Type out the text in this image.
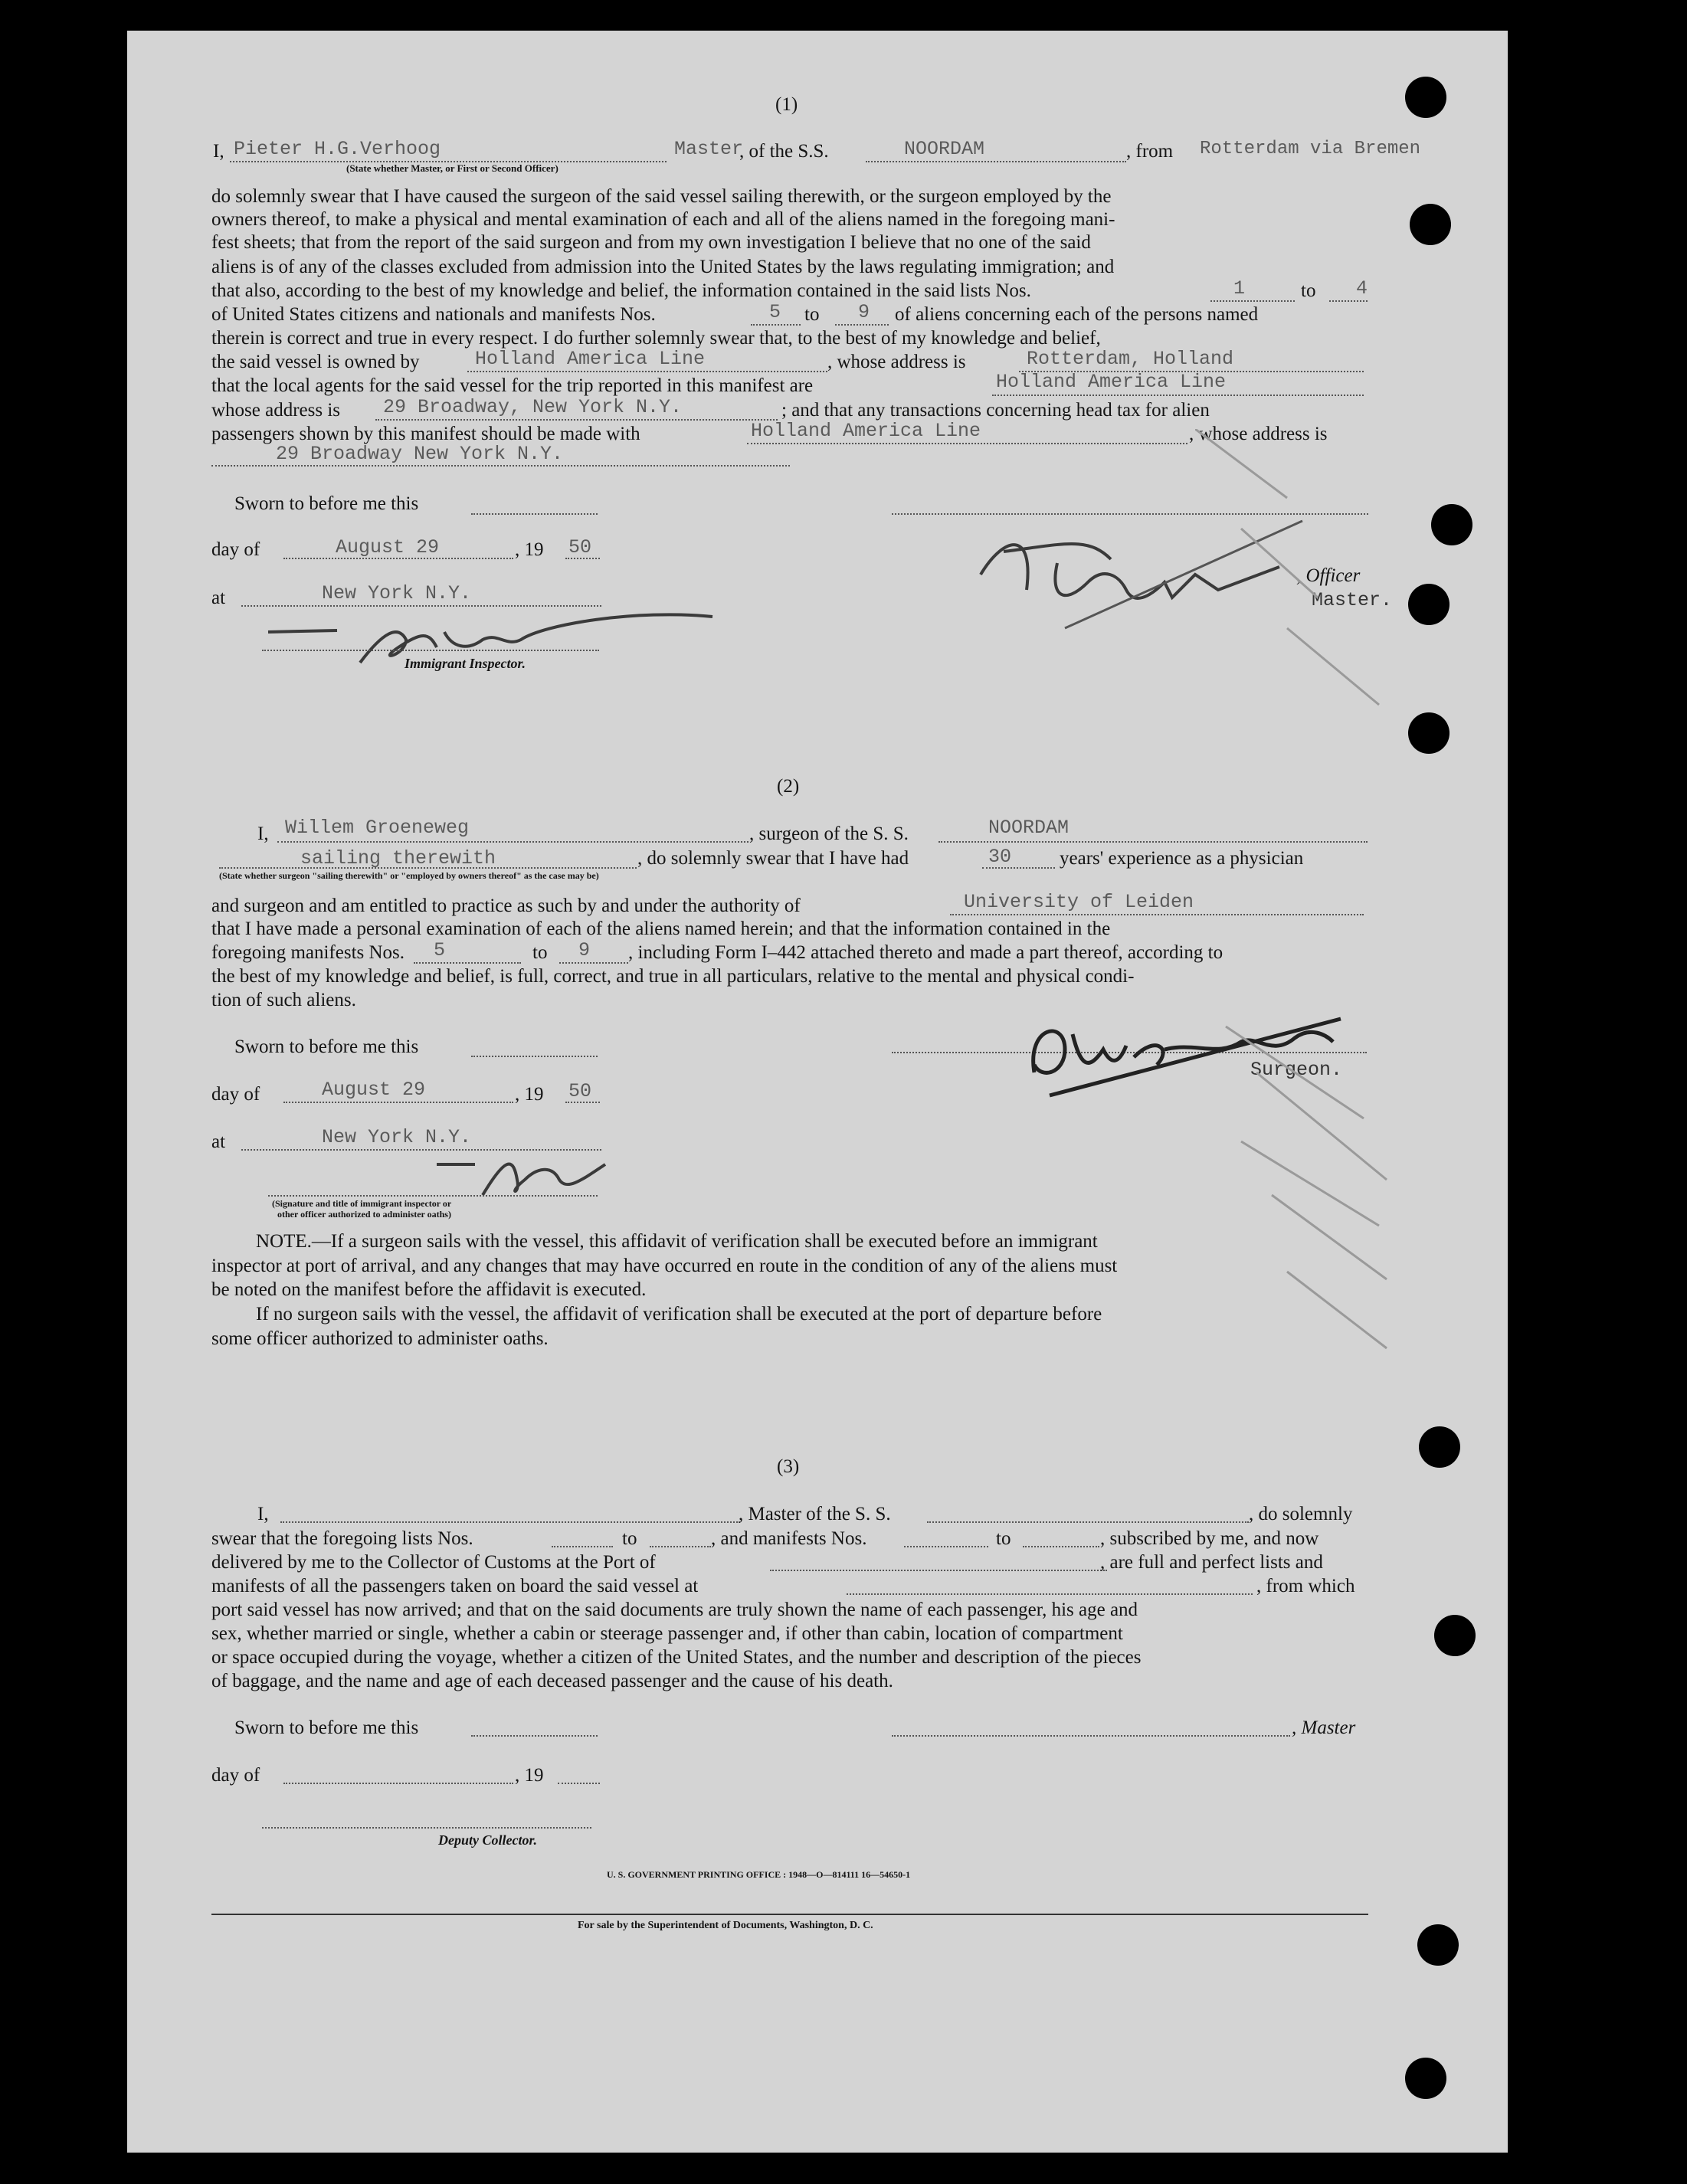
(1)
I, Pieter H.G.Verhoog	Master
, of the S.S.	NOORDAM	, from Rotterdam via Bremen
(State whether Master, or First or Second Officer)
do solemnly swear that I have caused the surgeon of the said vessel sailing therewith, or the surgeon employed by the
owners thereof, to make a physical and mental examination of each and all of the aliens named in the foregoing mani-
fest sheets; that from the report of the said surgeon and from my own investigation I believe that no one of the said
aliens is of any of the classes excluded from admission into the United States by the laws regulating immigration; and
that also, according to the best of my knowledge and belief, the information contained in the said lists Nos.	1	to 4
of United States citizens and nationals and manifests Nos.	5 to 9 of aliens concerning each of the persons named
therein is correct and true in every respect. I do further solemnly swear that, to the best of my knowledge and belief,
the said vessel is owned by	Holland America Line	, whose address is	Rotterdam, Holland
that the local agents for the said vessel for the trip reported in this manifest are	Holland America Line
whose address is 29 Broadway, New York N.Y.	; and that any transactions concerning head tax for alien
passengers shown by this manifest should be made with	Holland America Line	, whose address is
29 Broadway New York N.Y.
Sworn to before me this
day of	August 29	, 19 50
at	New York N.Y.
, Officer
Master.
Immigrant Inspector.
(2)
I, Willem Groeneweg	, surgeon of the S. S.	NOORDAM
sailing therewith	, do solemnly swear that I have had	30	years' experience as a physician
(State whether surgeon "sailing therewith" or "employed by owners thereof" as the case may be)
and surgeon and am entitled to practice as such by and under the authority of	University of Leiden
that I have made a personal examination of each of the aliens named herein; and that the information contained in the
foregoing manifests Nos. 5	to 9 , including Form I–442 attached thereto and made a part thereof, according to
the best of my knowledge and belief, is full, correct, and true in all particulars, relative to the mental and physical condi-
tion of such aliens.
Sworn to before me this
Surgeon.
day of	August 29	, 19 50
at	New York N.Y.
(Signature and title of immigrant inspector or
other officer authorized to administer oaths)
NOTE.—If a surgeon sails with the vessel, this affidavit of verification shall be executed before an immigrant
inspector at port of arrival, and any changes that may have occurred en route in the condition of any of the aliens must
be noted on the manifest before the affidavit is executed.
If no surgeon sails with the vessel, the affidavit of verification shall be executed at the port of departure before
some officer authorized to administer oaths.
(3)
I,	, Master of the S. S.	, do solemnly
swear that the foregoing lists Nos.	to	, and manifests Nos.	to	, subscribed by me, and now
delivered by me to the Collector of Customs at the Port of	, are full and perfect lists and
manifests of all the passengers taken on board the said vessel at	, from which
port said vessel has now arrived; and that on the said documents are truly shown the name of each passenger, his age and
sex, whether married or single, whether a cabin or steerage passenger and, if other than cabin, location of compartment
or space occupied during the voyage, whether a citizen of the United States, and the number and description of the pieces
of baggage, and the name and age of each deceased passenger and the cause of his death.
Sworn to before me this	, Master
day of	, 19
Deputy Collector.
U. S. GOVERNMENT PRINTING OFFICE : 1948—O—814111 16—54650-1
For sale by the Superintendent of Documents, Washington, D. C.
